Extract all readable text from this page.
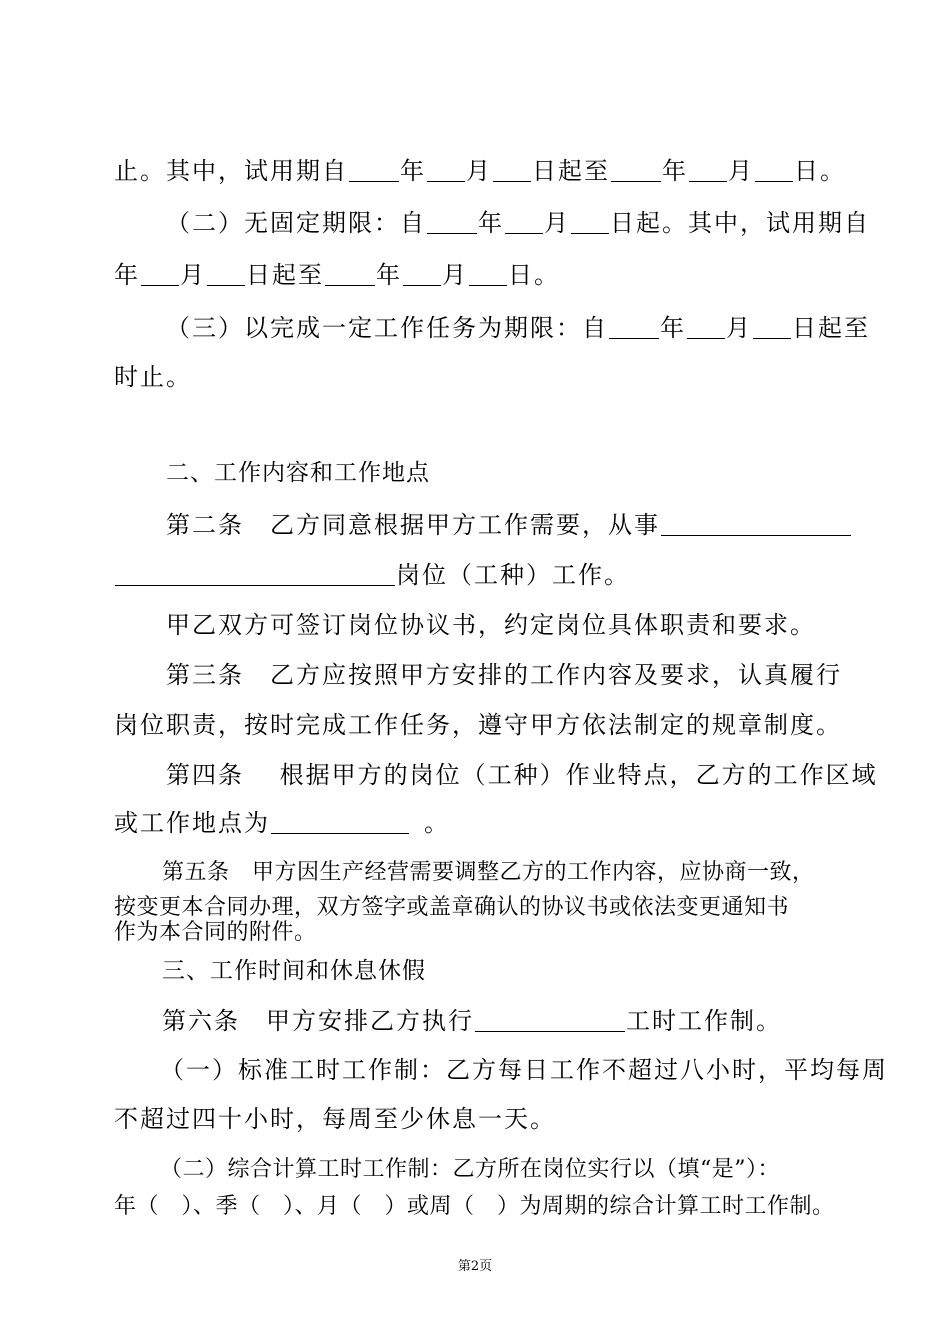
止。其中，试用期自 年 月 日起至 年 月 日。
（二）无固定期限：自 年 月 日起。其中，试用期自
年 月 日起至 年 月 日。
（三）以完成一定工作任务为期限：自 年 月 日起至
时止。
二、工作内容和工作地点
第二条　乙方同意根据甲方工作需要，从事
岗位（工种）工作。
甲乙双方可签订岗位协议书，约定岗位具体职责和要求。
第三条　乙方应按照甲方安排的工作内容及要求，认真履行
岗位职责，按时完成工作任务，遵守甲方依法制定的规章制度。
第四条　 根据甲方的岗位（工种）作业特点，乙方的工作区域
或工作地点为	。
第五条　甲方因生产经营需要调整乙方的工作内容，应协商一致，
按变更本合同办理，双方签字或盖章确认的协议书或依法变更通知书
作为本合同的附件。
三、工作时间和休息休假
第六条　甲方安排乙方执行	工时工作制。
（一）标准工时工作制：乙方每日工作不超过八小时，平均每周
不超过四十小时，每周至少休息一天。
（二）综合计算工时工作制：乙方所在岗位实行以（填“是”）：
年（　）、季（　）、月（　）或周（　）为周期的综合计算工时工作制。
第2页
